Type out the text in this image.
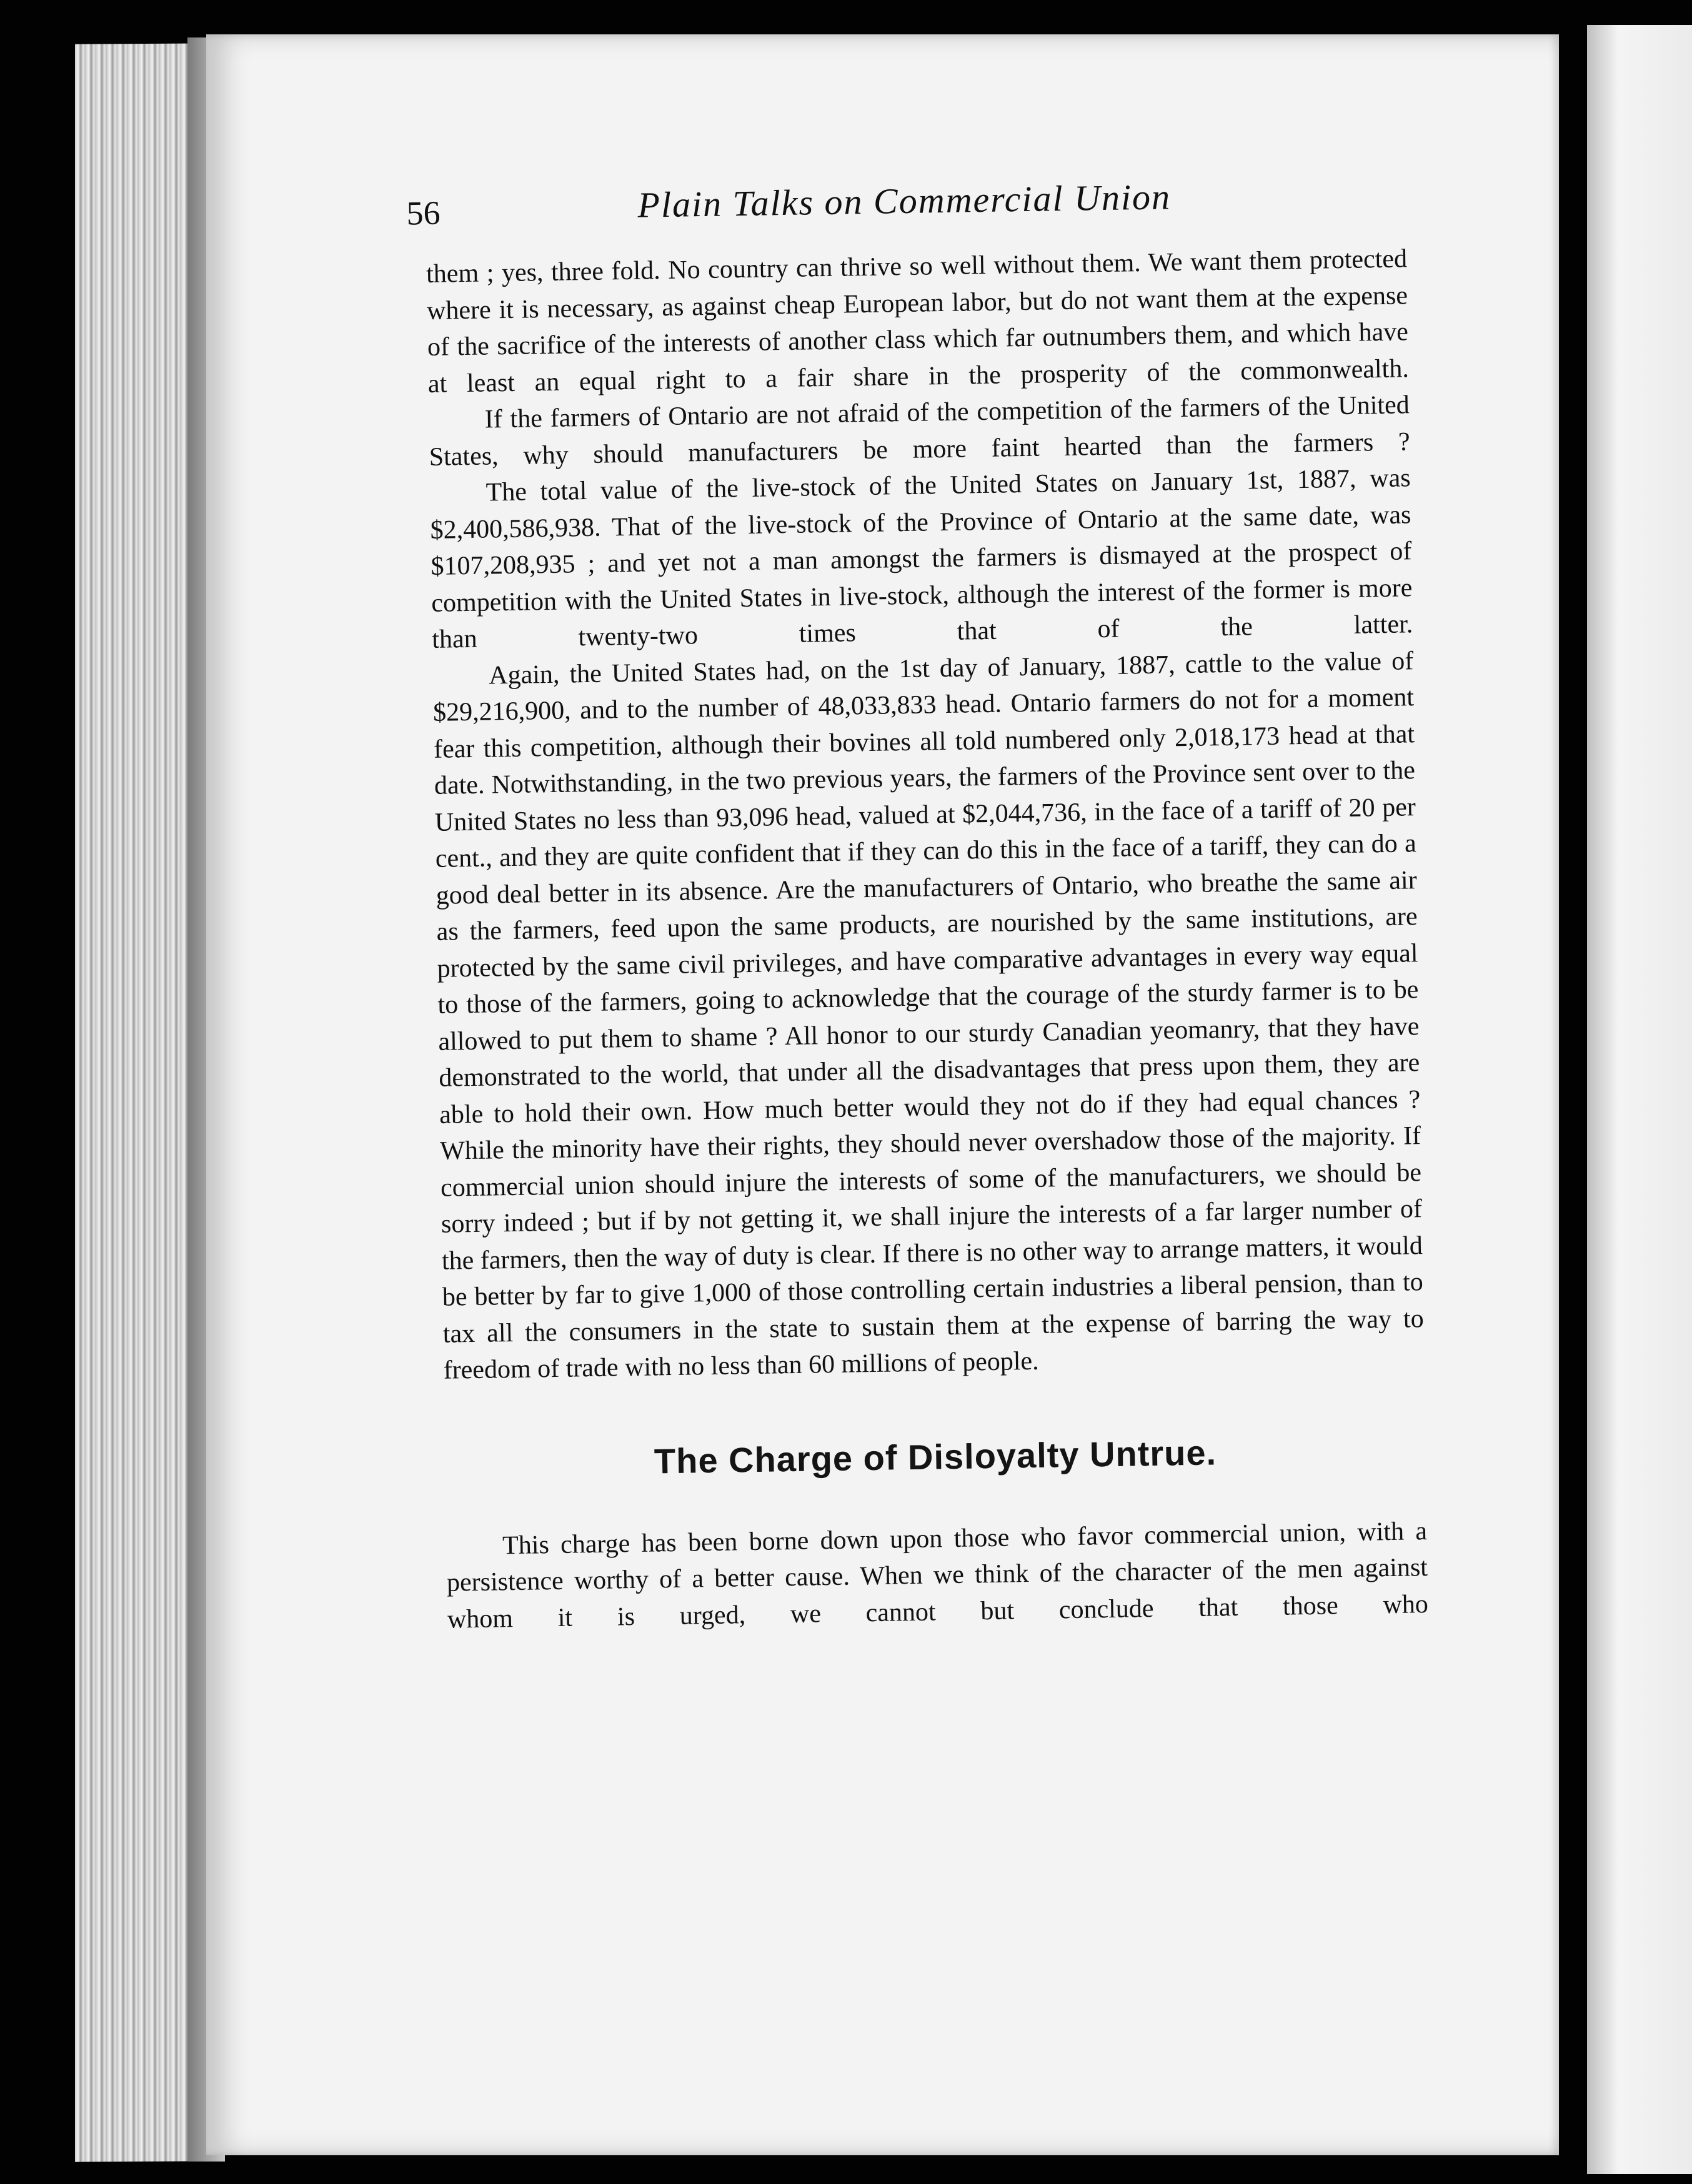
56	Plain Talks on Commercial Union

them ; yes, three fold. No country can thrive so well without them. We want them protected where it is necessary, as against cheap European labor, but do not want them at the expense of the sacrifice of the interests of another class which far outnumbers them, and which have at least an equal right to a fair share in the prosperity of the commonwealth.

If the farmers of Ontario are not afraid of the competition of the farmers of the United States, why should manufacturers be more faint hearted than the farmers ?

The total value of the live-stock of the United States on January 1st, 1887, was $2,400,586,938. That of the live-stock of the Province of Ontario at the same date, was $107,208,935 ; and yet not a man amongst the farmers is dismayed at the prospect of competition with the United States in live-stock, although the interest of the former is more than twenty-two times that of the latter.

Again, the United States had, on the 1st day of January, 1887, cattle to the value of $29,216,900, and to the number of 48,033,833 head. Ontario farmers do not for a moment fear this competition, although their bovines all told numbered only 2,018,173 head at that date. Notwithstanding, in the two previous years, the farmers of the Province sent over to the United States no less than 93,096 head, valued at $2,044,736, in the face of a tariff of 20 per cent., and they are quite confident that if they can do this in the face of a tariff, they can do a good deal better in its absence. Are the manufacturers of Ontario, who breathe the same air as the farmers, feed upon the same products, are nourished by the same institutions, are protected by the same civil privileges, and have comparative advantages in every way equal to those of the farmers, going to acknowledge that the courage of the sturdy farmer is to be allowed to put them to shame ? All honor to our sturdy Canadian yeomanry, that they have demonstrated to the world, that under all the disadvantages that press upon them, they are able to hold their own. How much better would they not do if they had equal chances ? While the minority have their rights, they should never overshadow those of the majority. If commercial union should injure the interests of some of the manufacturers, we should be sorry indeed ; but if by not getting it, we shall injure the interests of a far larger number of the farmers, then the way of duty is clear. If there is no other way to arrange matters, it would be better by far to give 1,000 of those controlling certain industries a liberal pension, than to tax all the consumers in the state to sustain them at the expense of barring the way to freedom of trade with no less than 60 millions of people.

The Charge of Disloyalty Untrue.

This charge has been borne down upon those who favor commercial union, with a persistence worthy of a better cause. When we think of the character of the men against whom it is urged, we cannot but conclude that those who
